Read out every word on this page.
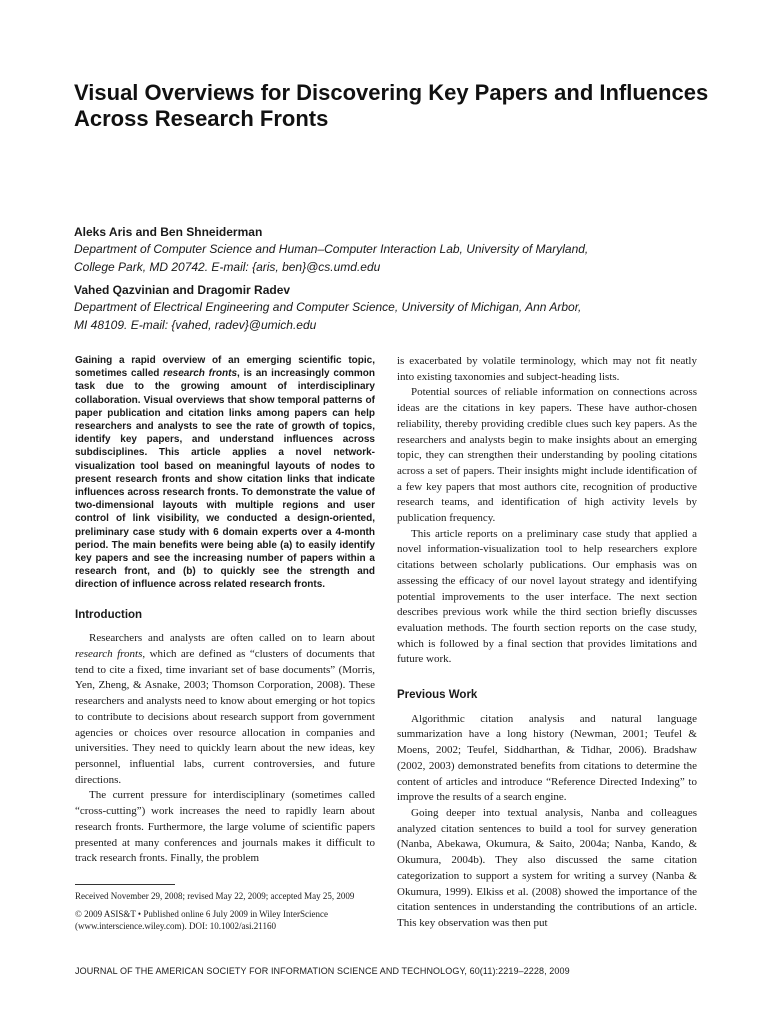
Visual Overviews for Discovering Key Papers and Influences Across Research Fronts
Aleks Aris and Ben Shneiderman
Department of Computer Science and Human–Computer Interaction Lab, University of Maryland,
College Park, MD 20742. E-mail: {aris, ben}@cs.umd.edu
Vahed Qazvinian and Dragomir Radev
Department of Electrical Engineering and Computer Science, University of Michigan, Ann Arbor,
MI 48109. E-mail: {vahed, radev}@umich.edu

Gaining a rapid overview of an emerging scientific topic, sometimes called research fronts, is an increasingly common task due to the growing amount of interdisciplinary collaboration. Visual overviews that show temporal patterns of paper publication and citation links among papers can help researchers and analysts to see the rate of growth of topics, identify key papers, and understand influences across subdisciplines. This article applies a novel network-visualization tool based on meaningful layouts of nodes to present research fronts and show citation links that indicate influences across research fronts. To demonstrate the value of two-dimensional layouts with multiple regions and user control of link visibility, we conducted a design-oriented, preliminary case study with 6 domain experts over a 4-month period. The main benefits were being able (a) to easily identify key papers and see the increasing number of papers within a research front, and (b) to quickly see the strength and direction of influence across related research fronts.

Introduction

Researchers and analysts are often called on to learn about research fronts, which are defined as “clusters of documents that tend to cite a fixed, time invariant set of base documents” (Morris, Yen, Zheng, & Asnake, 2003; Thomson Corporation, 2008). These researchers and analysts need to know about emerging or hot topics to contribute to decisions about research support from government agencies or choices over resource allocation in companies and universities. They need to quickly learn about the new ideas, key personnel, influential labs, current controversies, and future directions.

The current pressure for interdisciplinary (sometimes called “cross-cutting”) work increases the need to rapidly learn about research fronts. Furthermore, the large volume of scientific papers presented at many conferences and journals makes it difficult to track research fronts. Finally, the problem

is exacerbated by volatile terminology, which may not fit neatly into existing taxonomies and subject-heading lists.

Potential sources of reliable information on connections across ideas are the citations in key papers. These have author-chosen reliability, thereby providing credible clues such key papers. As the researchers and analysts begin to make insights about an emerging topic, they can strengthen their understanding by pooling citations across a set of papers. Their insights might include identification of a few key papers that most authors cite, recognition of productive research teams, and identification of high activity levels by publication frequency.

This article reports on a preliminary case study that applied a novel information-visualization tool to help researchers explore citations between scholarly publications. Our emphasis was on assessing the efficacy of our novel layout strategy and identifying potential improvements to the user interface. The next section describes previous work while the third section briefly discusses evaluation methods. The fourth section reports on the case study, which is followed by a final section that provides limitations and future work.

Previous Work

Algorithmic citation analysis and natural language summarization have a long history (Newman, 2001; Teufel & Moens, 2002; Teufel, Siddharthan, & Tidhar, 2006). Bradshaw (2002, 2003) demonstrated benefits from citations to determine the content of articles and introduce “Reference Directed Indexing” to improve the results of a search engine.

Going deeper into textual analysis, Nanba and colleagues analyzed citation sentences to build a tool for survey generation (Nanba, Abekawa, Okumura, & Saito, 2004a; Nanba, Kando, & Okumura, 2004b). They also discussed the same citation categorization to support a system for writing a survey (Nanba & Okumura, 1999). Elkiss et al. (2008) showed the importance of the citation sentences in understanding the contributions of an article. This key observation was then put

Received November 29, 2008; revised May 22, 2009; accepted May 25, 2009
© 2009 ASIS&T • Published online 6 July 2009 in Wiley InterScience (www.interscience.wiley.com). DOI: 10.1002/asi.21160
JOURNAL OF THE AMERICAN SOCIETY FOR INFORMATION SCIENCE AND TECHNOLOGY, 60(11):2219–2228, 2009
